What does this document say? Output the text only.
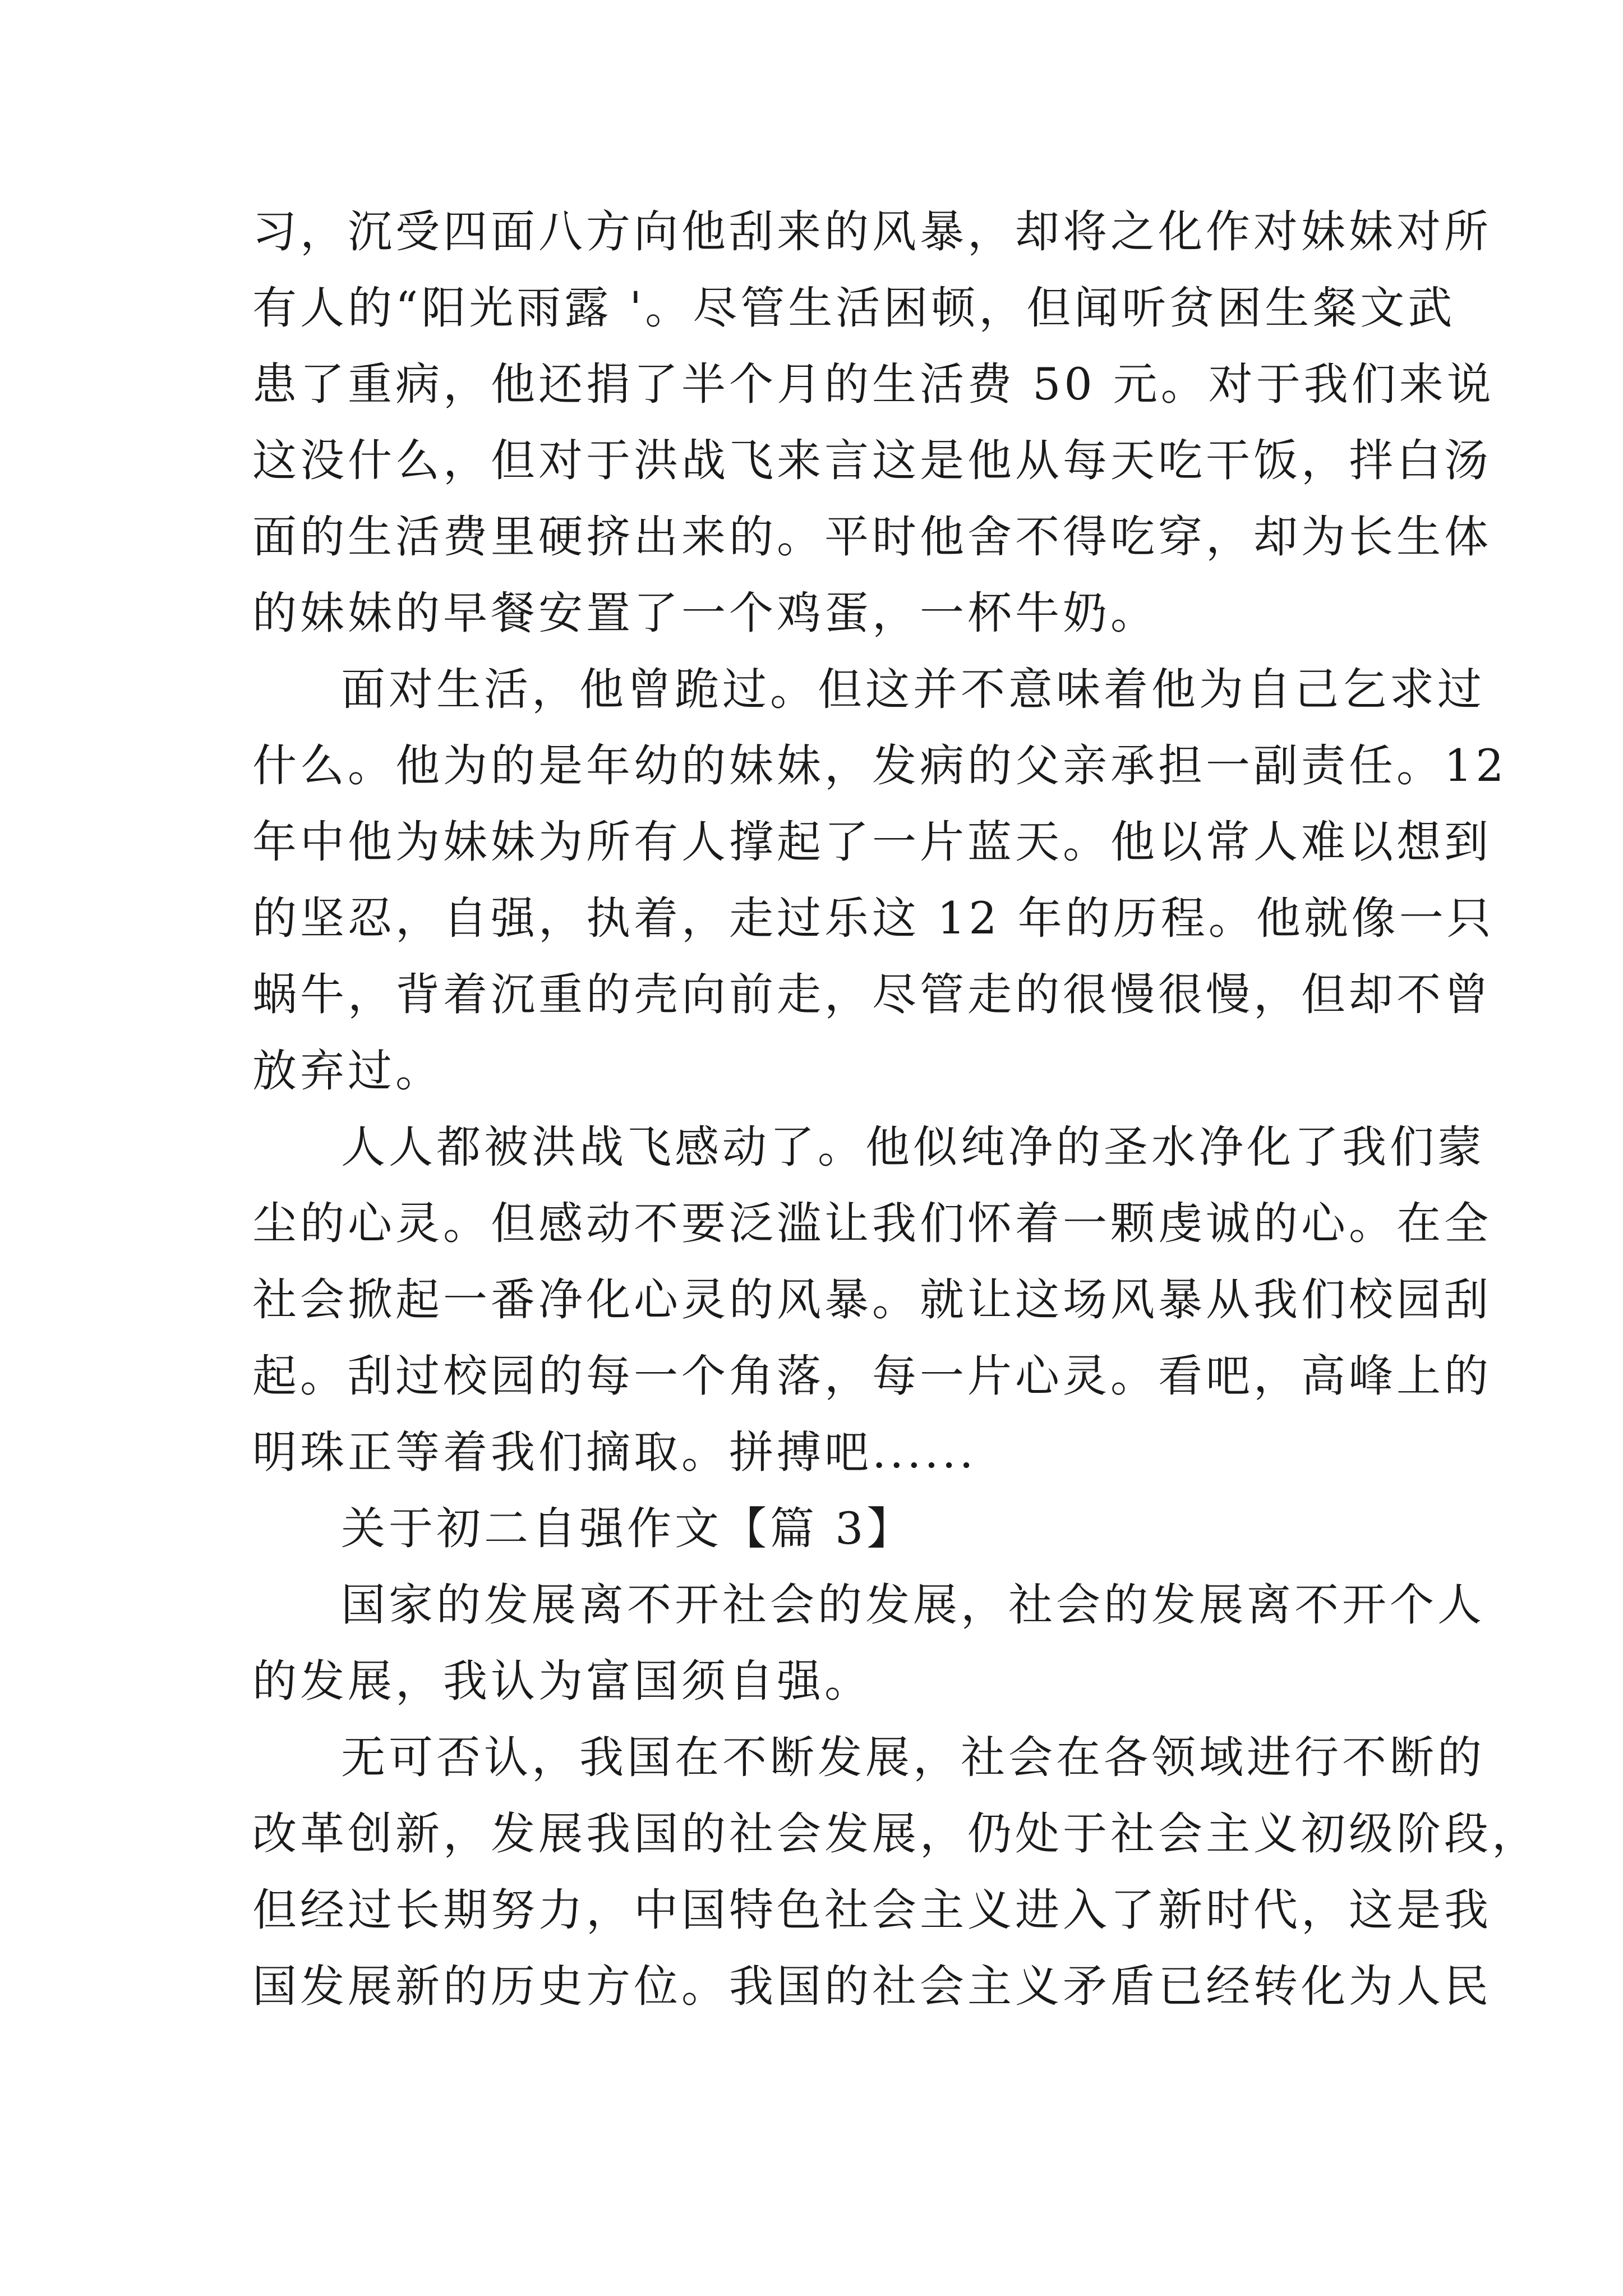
习，沉受四面八方向他刮来的风暴，却将之化作对妹妹对所
有人的“阳光雨露 '。尽管生活困顿，但闻听贫困生粲文武
患了重病，他还捐了半个月的生活费 50 元。对于我们来说
这没什么，但对于洪战飞来言这是他从每天吃干饭，拌白汤
面的生活费里硬挤出来的。平时他舍不得吃穿，却为长生体
的妹妹的早餐安置了一个鸡蛋，一杯牛奶。
面对生活，他曾跪过。但这并不意味着他为自己乞求过
什么。他为的是年幼的妹妹，发病的父亲承担一副责任。12
年中他为妹妹为所有人撑起了一片蓝天。他以常人难以想到
的坚忍，自强，执着，走过乐这 12 年的历程。他就像一只
蜗牛，背着沉重的壳向前走，尽管走的很慢很慢，但却不曾
放弃过。
人人都被洪战飞感动了。他似纯净的圣水净化了我们蒙
尘的心灵。但感动不要泛滥让我们怀着一颗虔诚的心。在全
社会掀起一番净化心灵的风暴。就让这场风暴从我们校园刮
起。刮过校园的每一个角落，每一片心灵。看吧，高峰上的
明珠正等着我们摘取。拼搏吧......
关于初二自强作文【篇 3】
国家的发展离不开社会的发展，社会的发展离不开个人
的发展，我认为富国须自强。
无可否认，我国在不断发展，社会在各领域进行不断的
改革创新，发展我国的社会发展，仍处于社会主义初级阶段，
但经过长期努力，中国特色社会主义进入了新时代，这是我
国发展新的历史方位。我国的社会主义矛盾已经转化为人民
